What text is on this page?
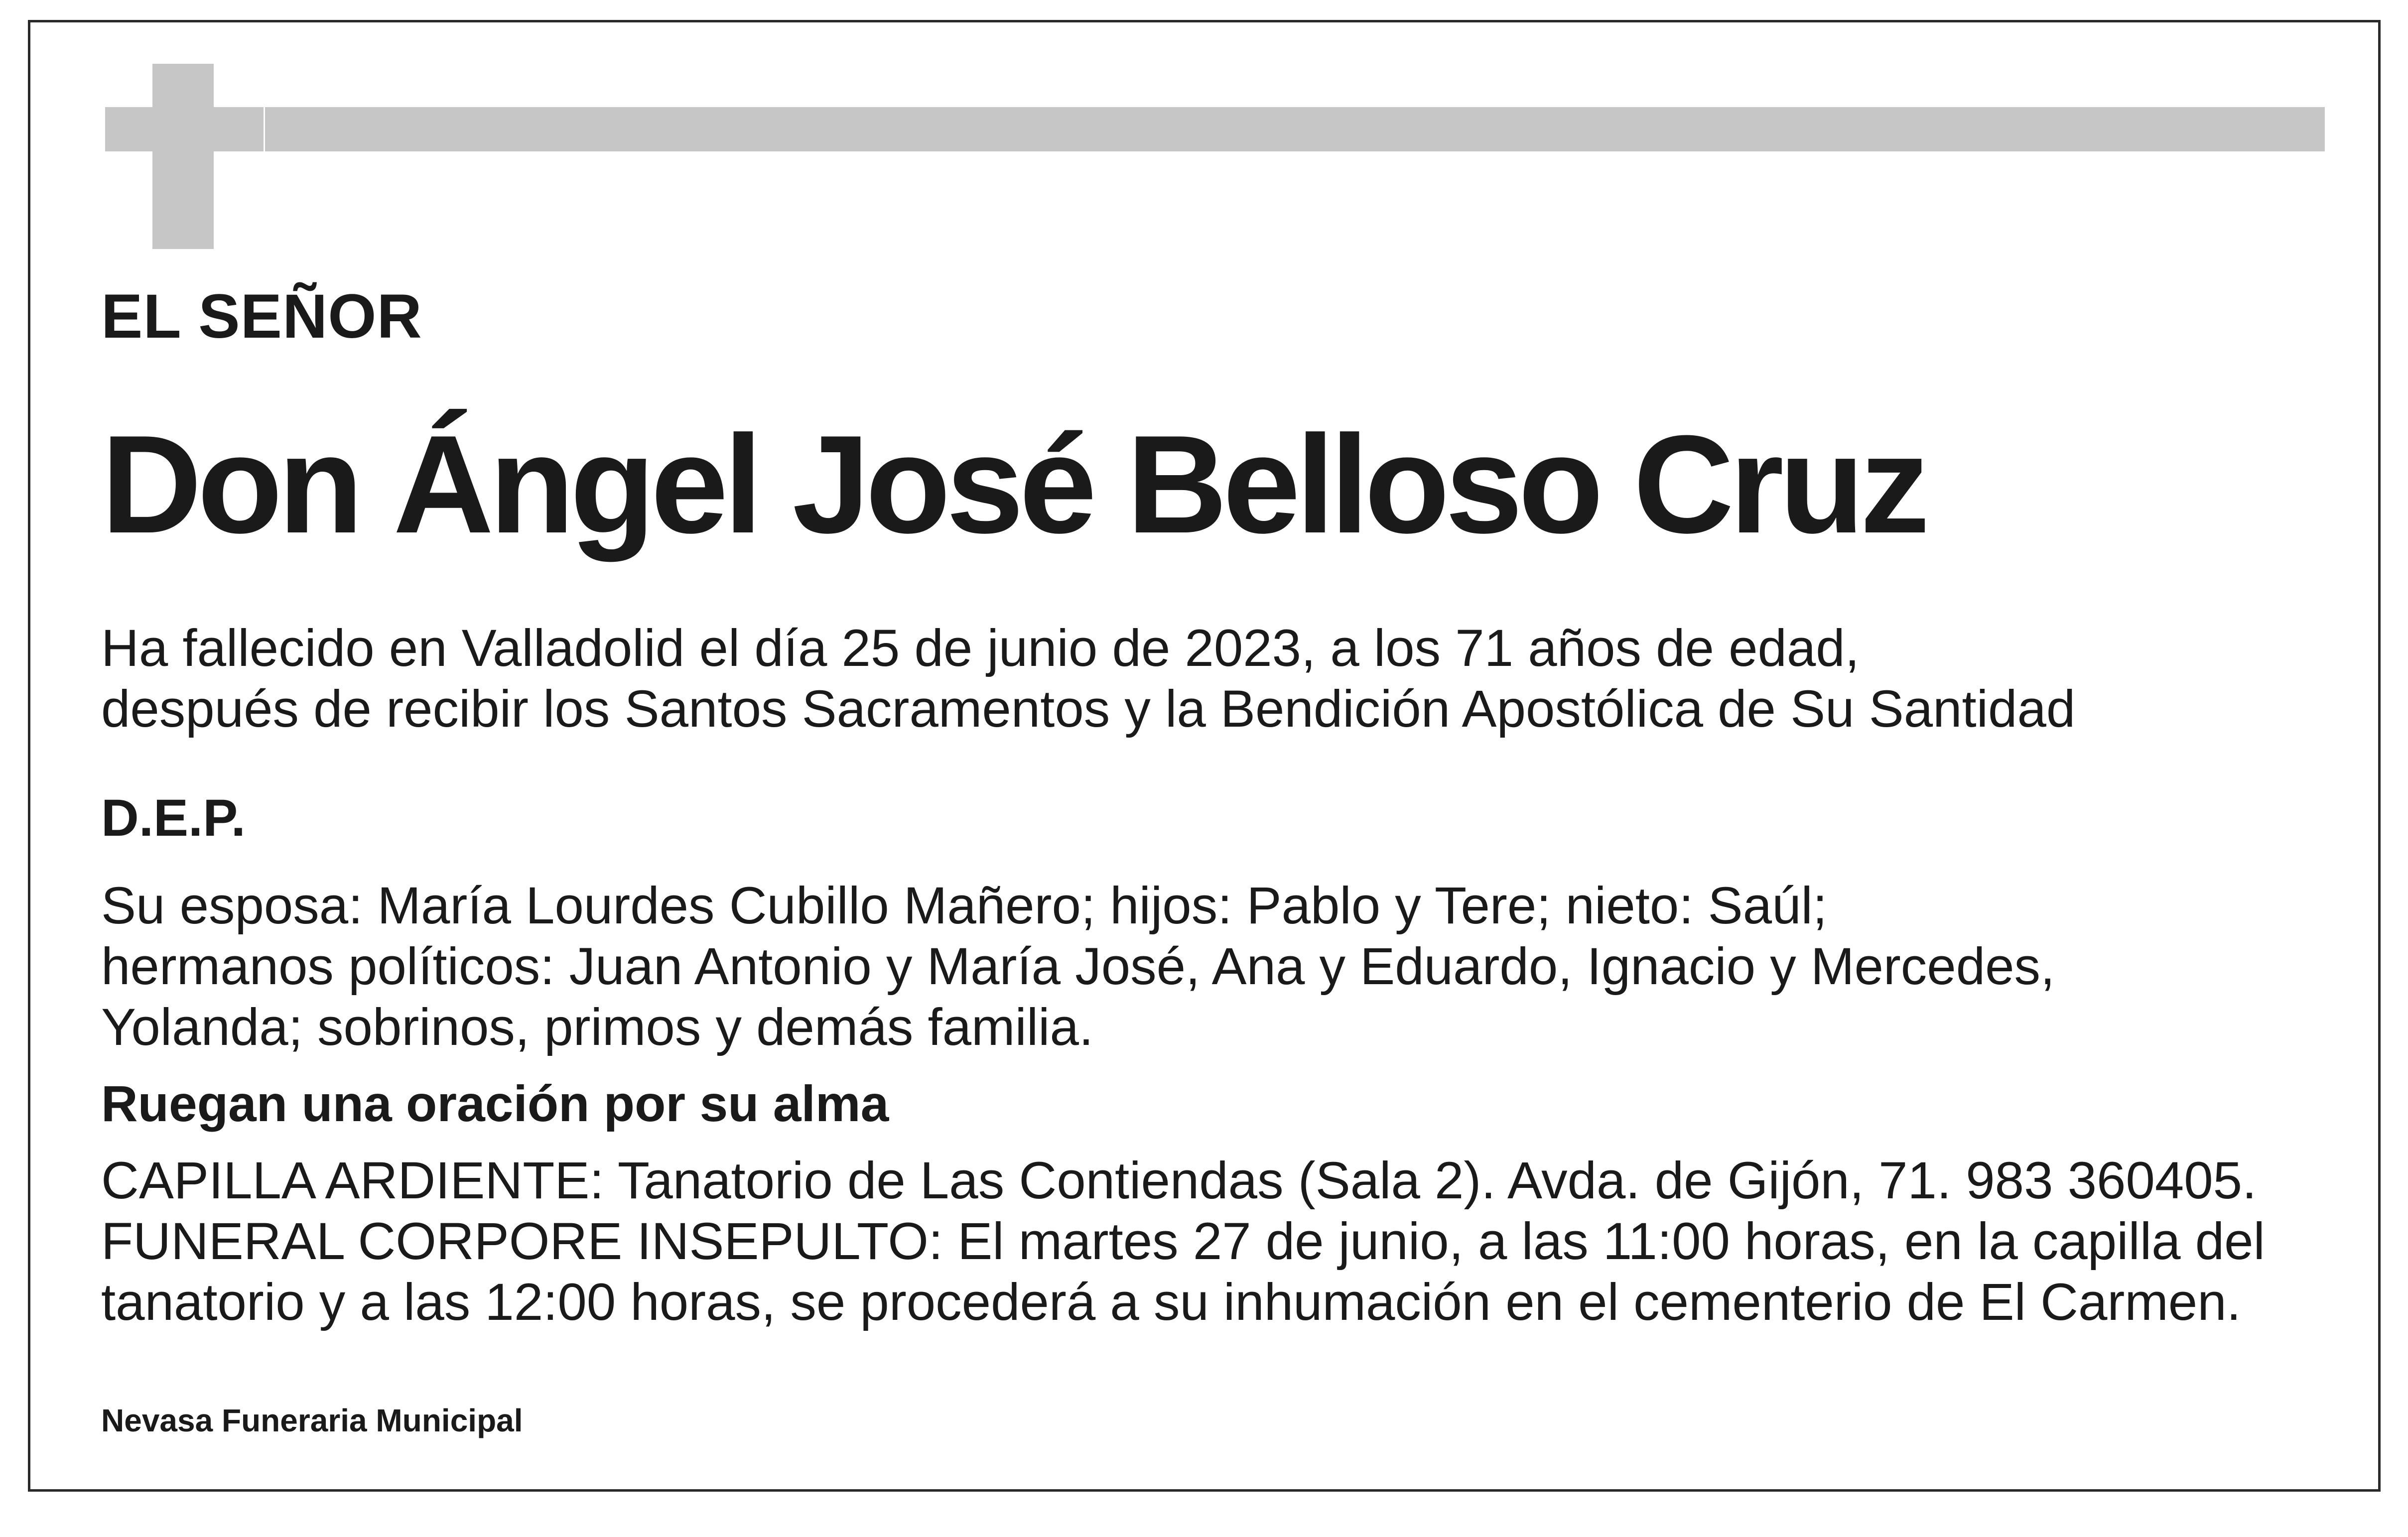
EL SEÑOR

Don Ángel José Belloso Cruz

Ha fallecido en Valladolid el día 25 de junio de 2023, a los 71 años de edad,
después de recibir los Santos Sacramentos y la Bendición Apostólica de Su Santidad

D.E.P.

Su esposa: María Lourdes Cubillo Mañero; hijos: Pablo y Tere; nieto: Saúl;
hermanos políticos: Juan Antonio y María José, Ana y Eduardo, Ignacio y Mercedes,
Yolanda; sobrinos, primos y demás familia.

Ruegan una oración por su alma

CAPILLA ARDIENTE: Tanatorio de Las Contiendas (Sala 2). Avda. de Gijón, 71. 983 360405.
FUNERAL CORPORE INSEPULTO: El martes 27 de junio, a las 11:00 horas, en la capilla del
tanatorio y a las 12:00 horas, se procederá a su inhumación en el cementerio de El Carmen.

Nevasa Funeraria Municipal
